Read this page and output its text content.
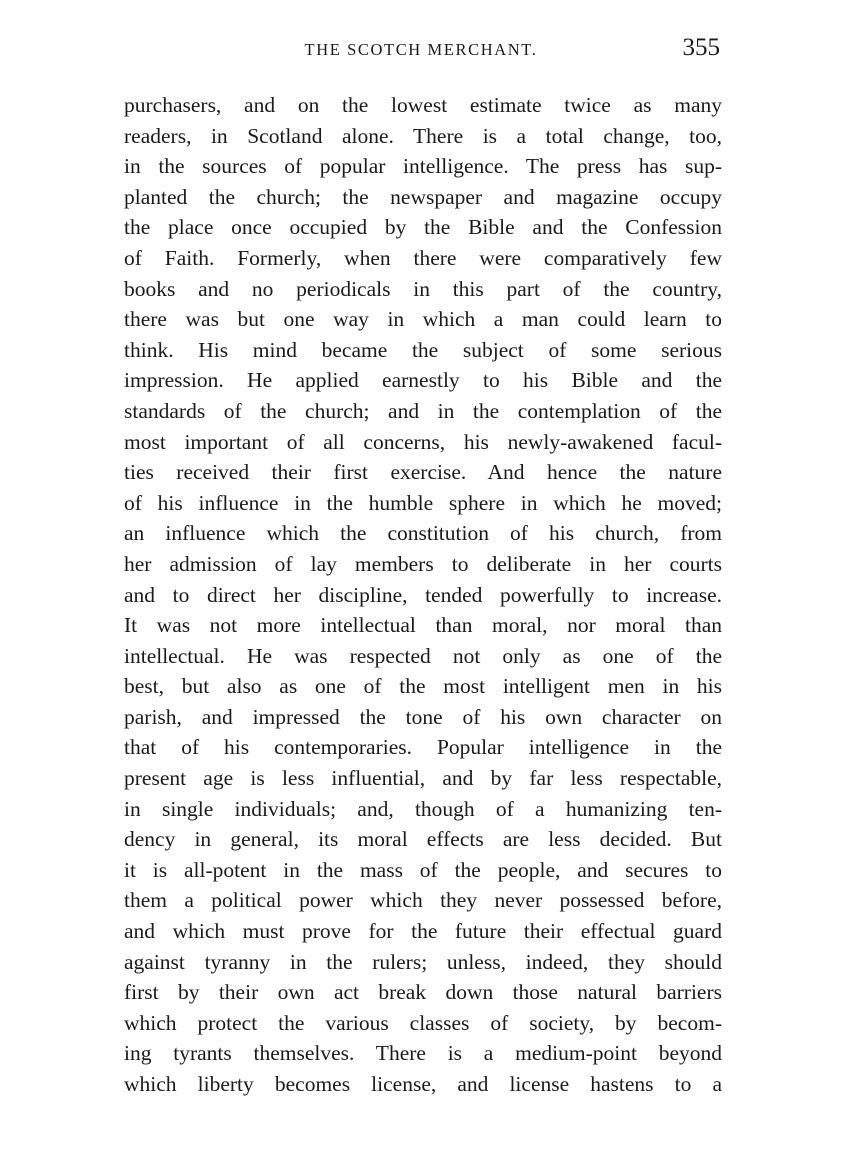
THE SCOTCH MERCHANT.	355
purchasers, and on the lowest estimate twice as many
readers, in Scotland alone. There is a total change, too,
in the sources of popular intelligence. The press has sup-
planted the church; the newspaper and magazine occupy
the place once occupied by the Bible and the Confession
of Faith. Formerly, when there were comparatively few
books and no periodicals in this part of the country,
there was but one way in which a man could learn to
think. His mind became the subject of some serious
impression. He applied earnestly to his Bible and the
standards of the church; and in the contemplation of the
most important of all concerns, his newly-awakened facul-
ties received their first exercise. And hence the nature
of his influence in the humble sphere in which he moved;
an influence which the constitution of his church, from
her admission of lay members to deliberate in her courts
and to direct her discipline, tended powerfully to increase.
It was not more intellectual than moral, nor moral than
intellectual. He was respected not only as one of the
best, but also as one of the most intelligent men in his
parish, and impressed the tone of his own character on
that of his contemporaries. Popular intelligence in the
present age is less influential, and by far less respectable,
in single individuals; and, though of a humanizing ten-
dency in general, its moral effects are less decided. But
it is all-potent in the mass of the people, and secures to
them a political power which they never possessed before,
and which must prove for the future their effectual guard
against tyranny in the rulers; unless, indeed, they should
first by their own act break down those natural barriers
which protect the various classes of society, by becom-
ing tyrants themselves. There is a medium-point beyond
which liberty becomes license, and license hastens to a
